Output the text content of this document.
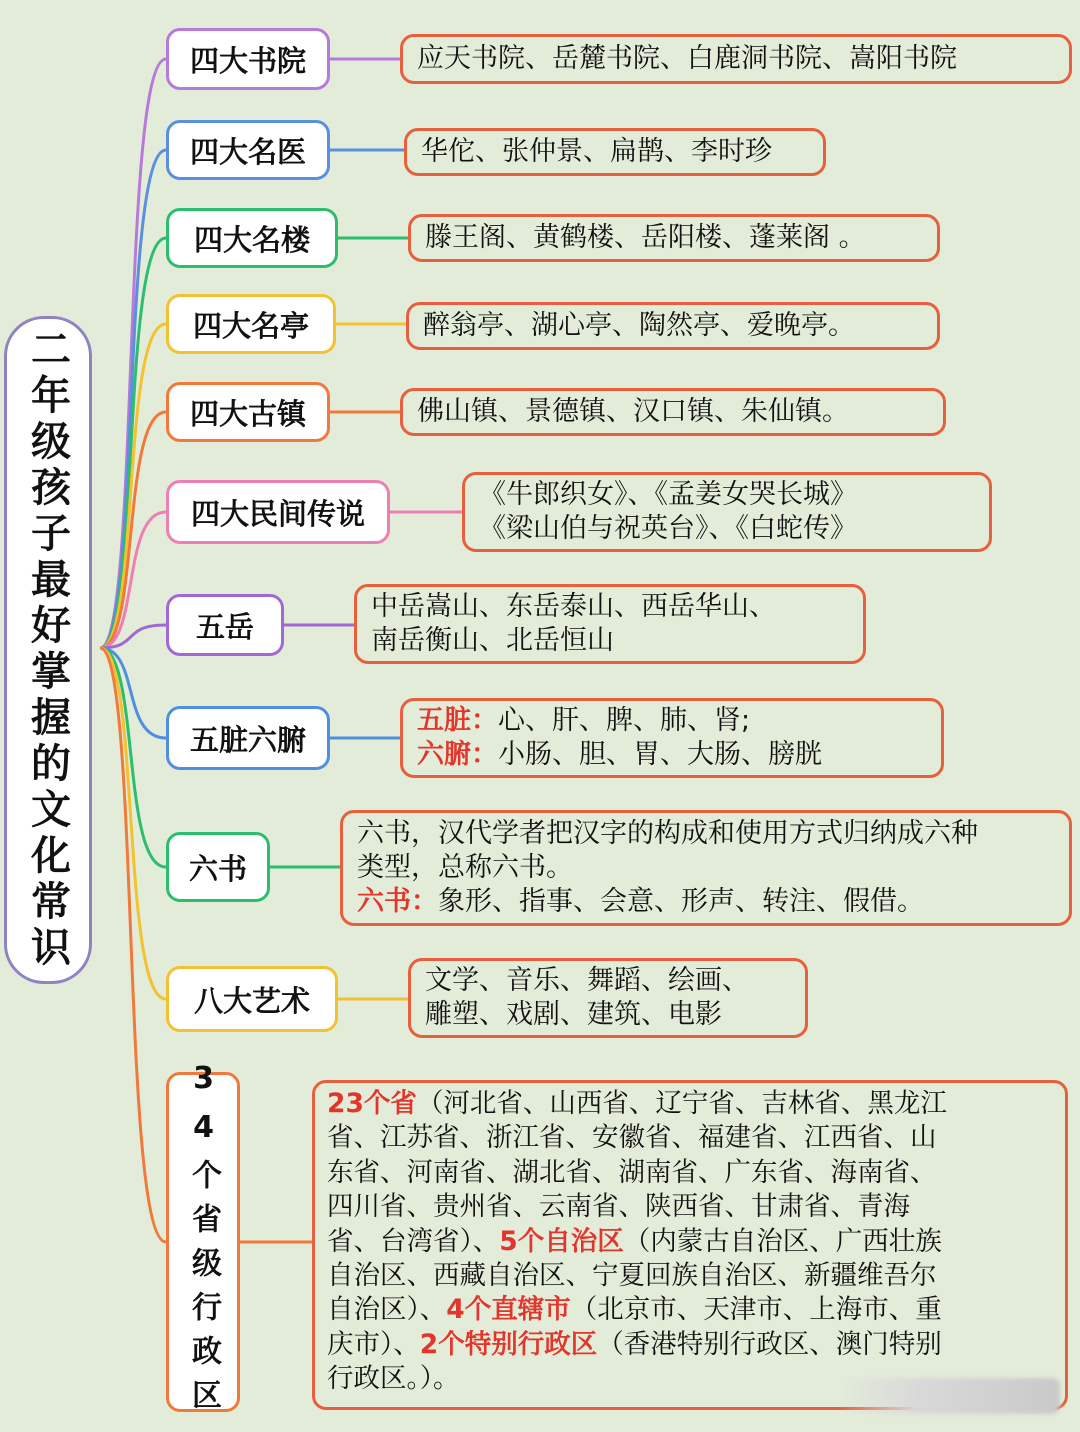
二年级孩子最好掌握的文化常识
四大书院
四大名医
四大名楼
四大名亭
四大古镇
四大民间传说
五岳
五脏六腑
六书
八大艺术
34个省级行政区
应天书院、岳麓书院、白鹿洞书院、嵩阳书院
华佗、张仲景、扁鹊、李时珍
滕王阁、黄鹤楼、岳阳楼、蓬莱阁 。
醉翁亭、湖心亭、陶然亭、爱晚亭。
佛山镇、景德镇、汉口镇、朱仙镇。
《牛郎织女》、《孟姜女哭长城》
《梁山伯与祝英台》、《白蛇传》
中岳嵩山、东岳泰山、西岳华山、
南岳衡山、北岳恒山
五脏：心、肝、脾、肺、肾;
六腑：小肠、胆、胃、大肠、膀胱
六书，汉代学者把汉字的构成和使用方式归纳成六种
类型，总称六书。
六书：象形、指事、会意、形声、转注、假借。
文学、音乐、舞蹈、绘画、
雕塑、戏剧、建筑、电影
23个省（河北省、山西省、辽宁省、吉林省、黑龙江
省、江苏省、浙江省、安徽省、福建省、江西省、山
东省、河南省、湖北省、湖南省、广东省、海南省、
四川省、贵州省、云南省、陕西省、甘肃省、青海
省、台湾省）、5个自治区（内蒙古自治区、广西壮族
自治区、西藏自治区、宁夏回族自治区、新疆维吾尔
自治区）、4个直辖市（北京市、天津市、上海市、重
庆市）、2个特别行政区（香港特别行政区、澳门特别
行政区。）。
